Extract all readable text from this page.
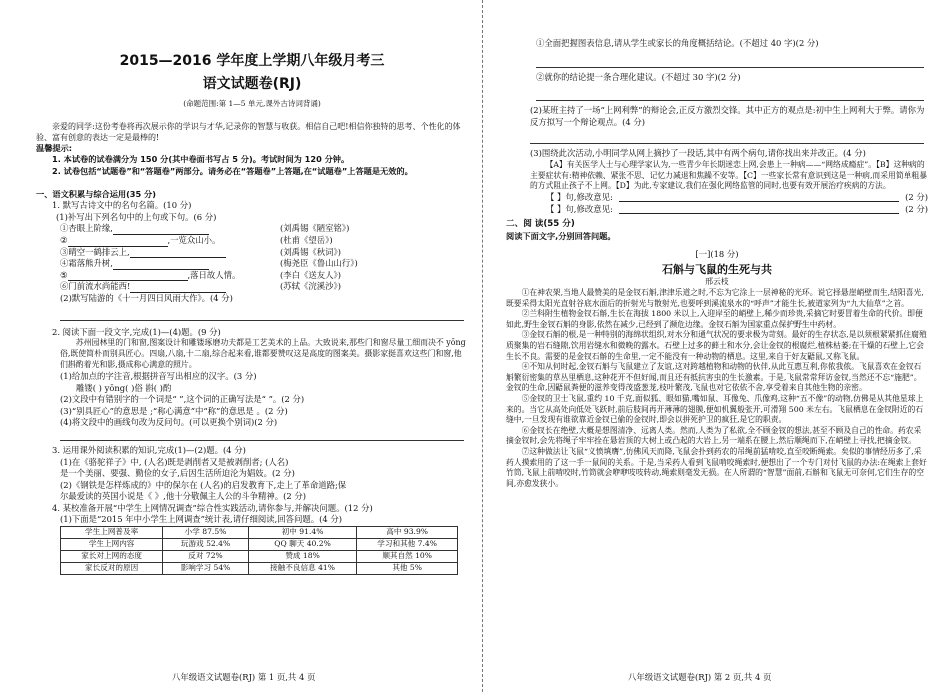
2015—2016 学年度上学期八年级月考三
语文试题卷(RJ)
(命题范围:第 1—5 单元,课外古诗词背诵)

亲爱的同学:这份考卷将再次展示你的学识与才华,记录你的智慧与收获。相信自己吧!相信你独特的思考、个性化的体验、富有创意的表达一定是最棒的!

温馨提示:

1. 本试卷的试卷满分为 150 分(其中卷面书写占 5 分)。考试时间为 120 分钟。

2. 试卷包括“试题卷”和“答题卷”两部分。请务必在“答题卷”上答题,在“试题卷”上答题是无效的。

一、语文积累与综合运用(35 分)

1. 默写古诗文中的名句名篇。(10 分)

(1)补写出下列名句中的上句或下句。(6 分)

①杏眼上阶缘,	(刘禹锡《陋室铭》)
②	,一览众山小。	(杜甫《望岳》)
③晴空一鹤排云上,	(刘禹锡《秋词》)
④霜落熊升树,	(梅尧臣《鲁山山行》)
⑤	,落日故人情。	(李白《送友人》)
⑥门前流水尚能西!	(苏轼《浣溪沙》)

(2)默写陆游的《十一月四日风雨大作》。(4 分)

2. 阅读下面一段文字,完成(1)—(4)题。(9 分)

苏州园林里的门和窗,图案设计和雕镂琢磨功夫都是工艺美术的上品。大致说来,那些门和窗尽量工细而决不 yōng 俗,既使简朴而别具匠心。四扇,八扇,十二扇,综合起来看,谁都要赞叹这是高度的图案美。摄影家挺喜欢这些门和窗,他们斟酌着光和影,摄成称心满意的照片。

(1)给加点的字注音,根据拼音写出相应的汉字。(3 分)

雕镂( ) yōng( )俗 斟( )酌

(2)文段中有错别字的一个词是“ ”,这个词的正确写法是“ ”。(2 分)

(3)“别具匠心”的意思是 ;“称心满意”中“称”的意思是 。(2 分)

(4)将文段中的画线句改为反问句。(可以更换个别词)(2 分)

3. 运用课外阅读积累的知识,完成(1)—(2)题。(4 分)

(1)在《骆驼祥子》中, (人名)既是剥削者又是被剥削者; (人名)

是一个美丽、要强、勤俭的女子,后因生活所迫沦为娼妓。(2 分)

(2)《钢铁是怎样炼成的》中的保尔在 (人名)的启发教育下,走上了革命道路;保

尔最爱读的英国小说是《 》,他十分敬佩主人公的斗争精神。(2 分)

4. 某校准备开展“中学生上网情况调查”综合性实践活动,请你参与,并解决问题。(12 分)

(1)下面是“2015 年中小学生上网调查”统计表,请仔细阅读,回答问题。(4 分)

学生上网普及率	小学 87.5%	初中 91.4%	高中 93.9%
学生上网内容	玩游戏 52.4%	QQ 聊天 40.2%	学习和其他 7.4%
家长对上网的态度	反对 72%	赞成 18%	顺其自然 10%
家长反对的原因	影响学习 54%	接触不良信息 41%	其他 5%

①全面把握图表信息,请从学生或家长的角度概括结论。(不超过 40 字)(2 分)

②就你的结论提一条合理化建议。(不超过 30 字)(2 分)

(2)某班主持了一场“上网利弊”的辩论会,正反方激烈交锋。其中正方的观点是:初中生上网利大于弊。请你为反方拟写一个辩论观点。(4 分)

(3)围绕此次活动,小明同学从网上摘抄了一段话,其中有两个病句,请你找出来并改正。(4 分)

【A】有关医学人士与心理学家认为,一些青少年长期迷恋上网,会患上一种病——“网络成瘾症”。【B】这种病的主要症状有:精神依赖、紧张不思、记忆力减退和焦躁不安等。【C】一些家长常有意识到这是一种病,而采用简单粗暴的方式阻止孩子不上网。【D】为此,专家建议,我们在强化网络监管的同时,也要有效开展治疗疾病的方法。

【 】句,修改意见:	(2 分)
【 】句,修改意见:	(2 分)

二、阅 读(55 分)

阅读下面文字,分别回答问题。

[一](18 分)

石斛与飞鼠的生死与共

邢云枝

①在神农架,当地人最赞美的是金钗石斛,津津乐道之时,不忘为它涂上一层神秘的光环。说它择悬崖峭壁而生,结阳喜光,既要采得太阳光直射谷底水面后的折射光与散射光,也要呼到溪流泉水的“呼声”才能生长,被道家列为“九大仙草”之首。

②兰科附生植物金钗石斛,生长在海拔 1800 米以上,入迎岸至的峭壁上,稀少而珍贵,采摘它时要冒着生命的代价。即便如此,野生金钗石斛的身影,依然在减少,已经到了濒危边缘。金钗石斛为国家重点保护野生中药材。

③金钗石斛的根,是一种特别的海绵状组织,对水分和通气状况的要求极为苛刻。最好的生存状态,是以须根紧紧抓住腐殖质聚集的岩石缝隙,饮用岩缝水和微晚的露水。石壁上过多的藓土和水分,会让金钗的根腐烂,植株枯萎;在干燥的石壁上,它会生长不良。需要的是金钗石斛的生命里,一定不能没有一种动物的栖息。这里,来自于好友鼯鼠,又称飞鼠。

④不知从何时起,金钗石斛与飞鼠建立了友谊,这对跨越植物和动物的伙伴,从此互惠互利,你侬我侬。飞鼠喜欢在金钗石斛繁衍密集的草丛里栖息,这种花开不但好闻,而且还有抵抗害虫的生长激素。于是,飞鼠常常拜访金钗,当然还不忘“施肥”。金钗的生命,因鼯鼠粪便的滋养变得茂盛葱茏,枝叶繁茂,飞鼠也对它依依不舍,享受着来自其他生物的亲密。

⑤金钗的卫士飞鼠,重约 10 千克,面似狐、眼如猫,嘴如鼠、耳像兔、爪像鸡,这种“五不像”的动物,仿佛是从其他星球上来的。当它从高处向低处飞跃时,前后肢间再开薄薄的翅膜,便如机翼般张开,可滑翔 500 米左右。飞鼠栖息在金钗附近的石缝中,一旦发现有谁欲靠近金钗已偷的金钗时,即会以拼死护卫的疯狂,是它的职责。

⑥金钗长在绝壁,大概是想图清净、远离人类。然而,人类为了私欲,全不顾金钗的想法,甚至不顾及自己的性命。药农采摘金钗时,会先将绳子牢牢拴在悬岩顶的大树上或凸起的大岩上,另一端系在腰上,然后顺绳而下,在峭壁上寻找,把摘金钗。

⑦这种做法让飞鼠“义愤填膺”,仿佛风天而降,飞鼠会扑到药农的吊绳前猛啃咬,直至咬断绳索。矣似的事情经历多了,采药人摸索用的了这一手一鼠间的关系。于是,当采药人看到飞鼠啃咬绳索时,便想出了一个专门对付飞鼠的办法:在绳索上套好竹筒,飞鼠上前啃咬时,竹筒就会咿咿吱吱转动,绳索则毫发无损。在人所谓的“智慧”面前,石斛和飞鼠无可奈何,它们生存的空间,亦愈发狭小。

八年级语文试题卷(RJ) 第 1 页,共 4 页	八年级语文试题卷(RJ) 第 2 页,共 4 页
